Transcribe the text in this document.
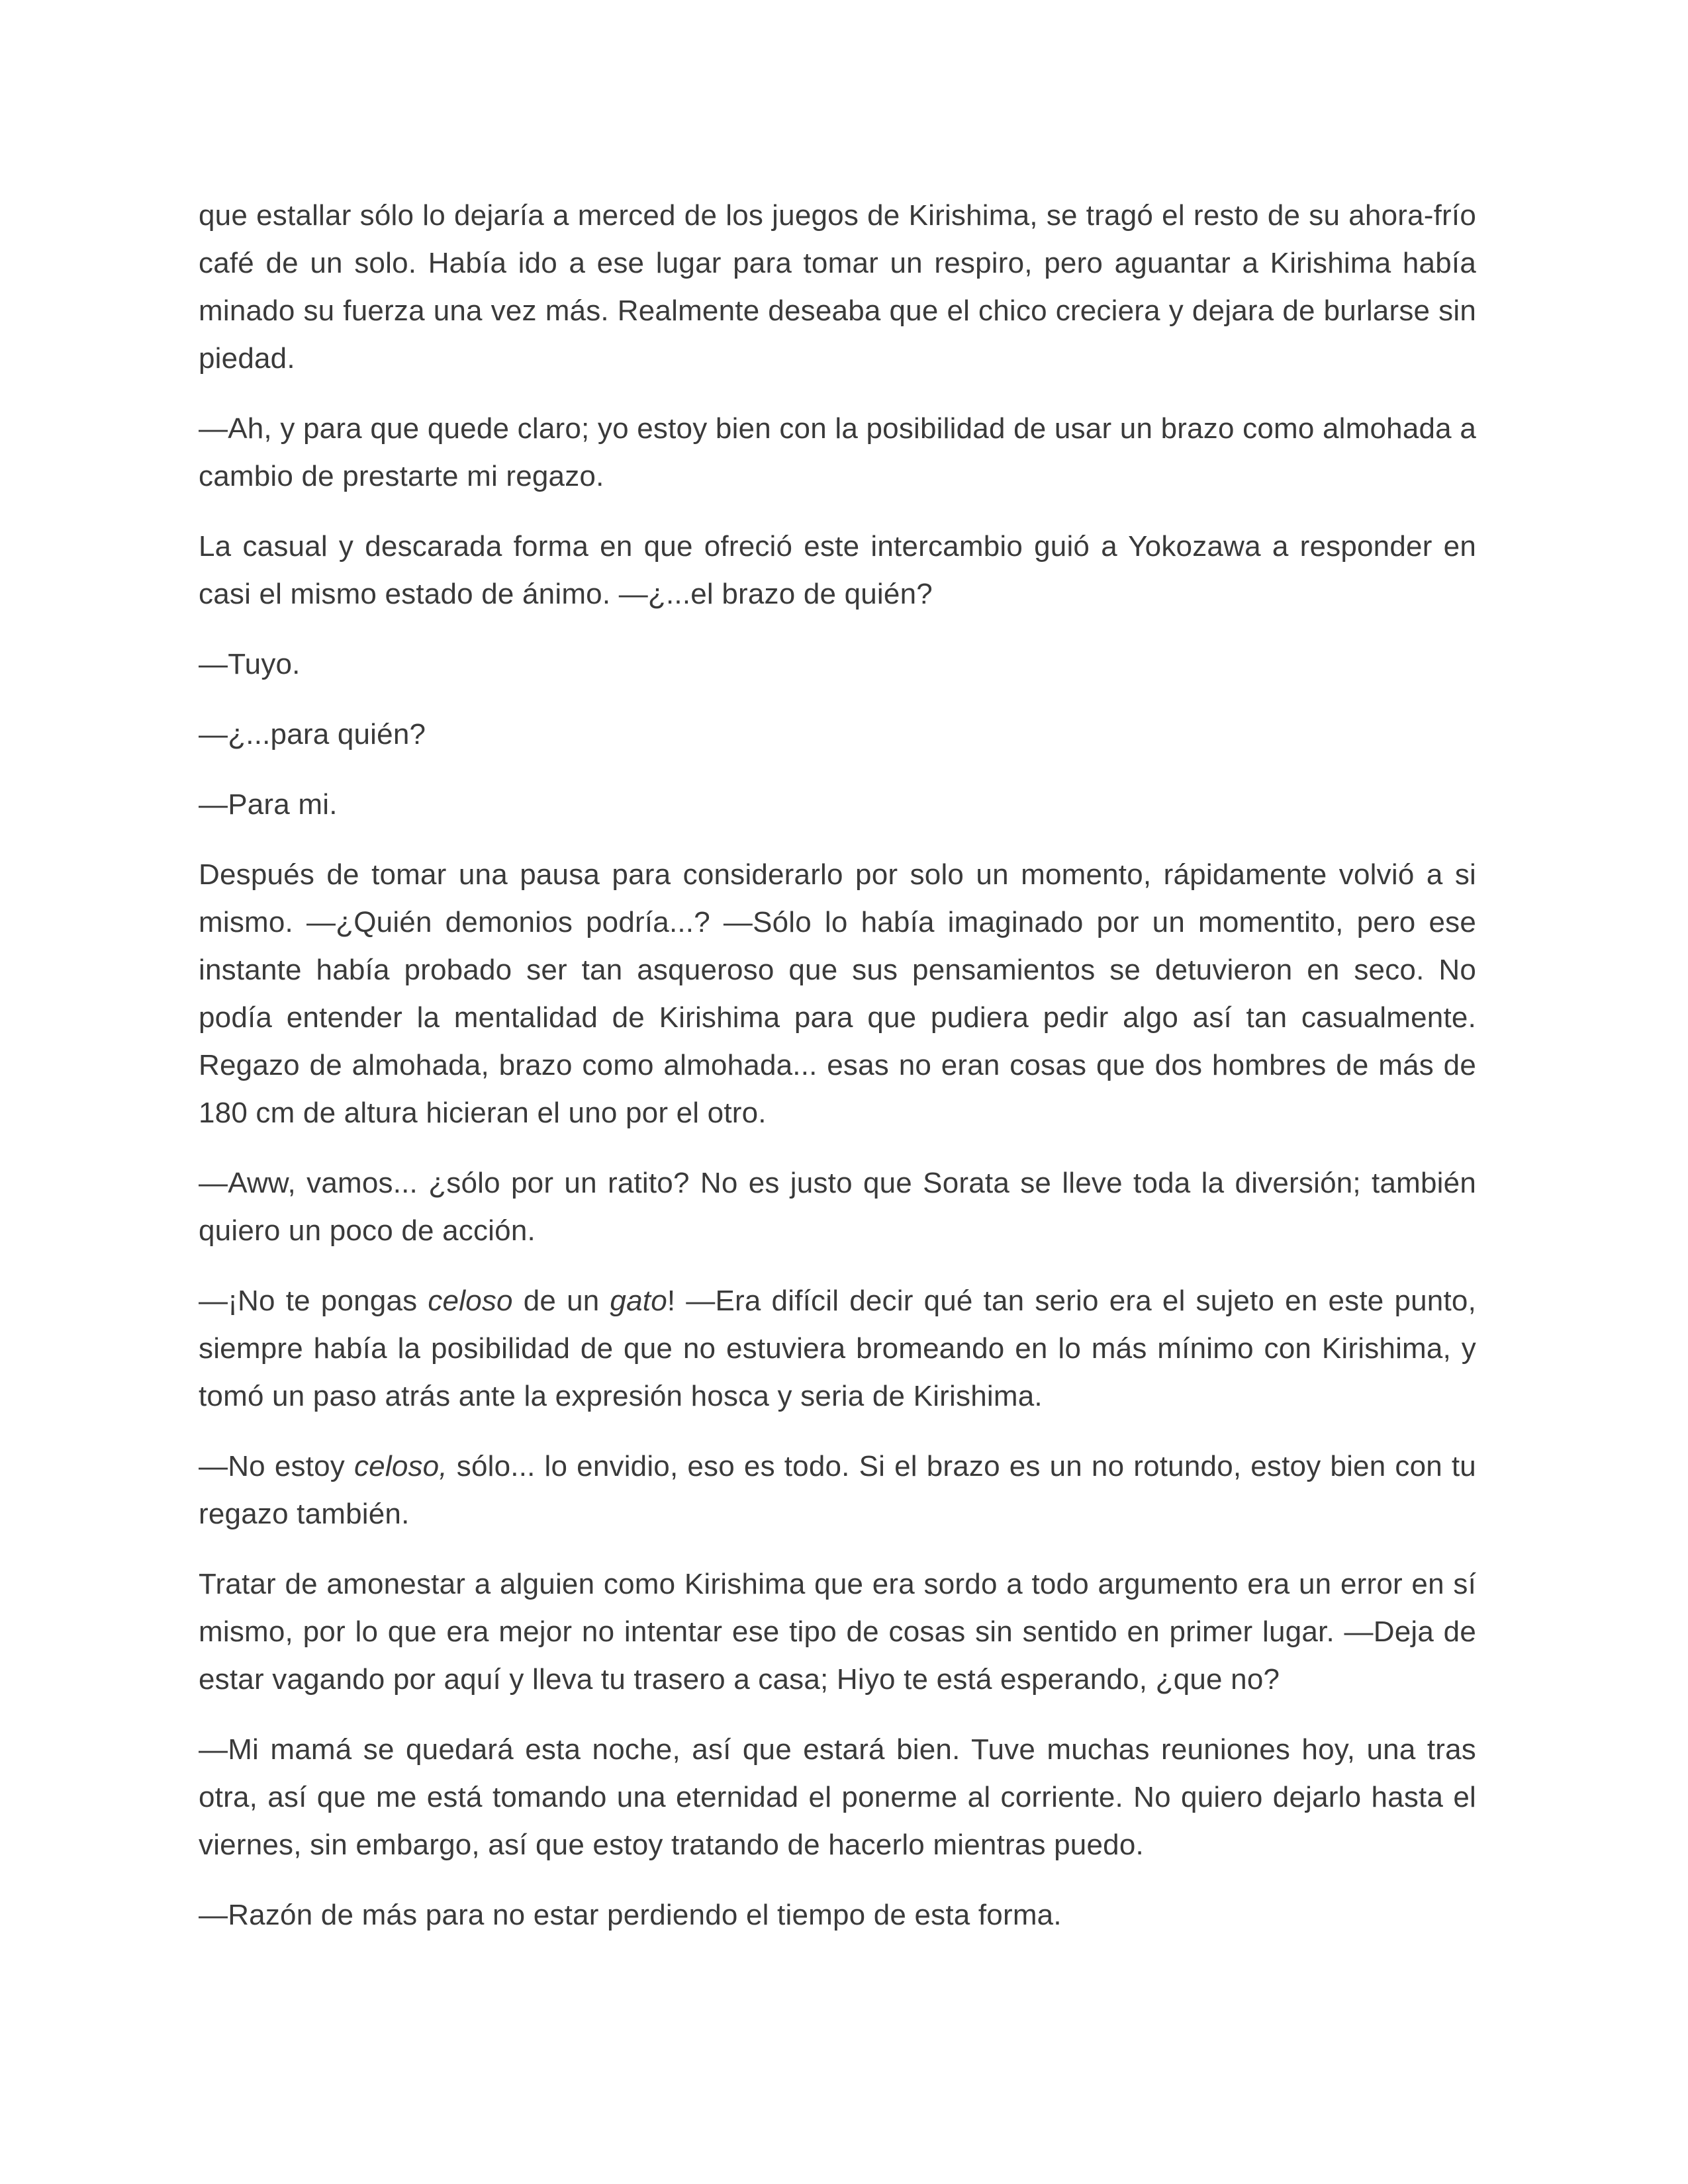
que estallar sólo lo dejaría a merced de los juegos de Kirishima, se tragó el resto de su ahora-frío café de un solo. Había ido a ese lugar para tomar un respiro, pero aguantar a Kirishima había minado su fuerza una vez más. Realmente deseaba que el chico creciera y dejara de burlarse sin piedad.

—Ah, y para que quede claro; yo estoy bien con la posibilidad de usar un brazo como almohada a cambio de prestarte mi regazo.

La casual y descarada forma en que ofreció este intercambio guió a Yokozawa a responder en casi el mismo estado de ánimo. —¿...el brazo de quién?

—Tuyo.

—¿...para quién?

—Para mi.

Después de tomar una pausa para considerarlo por solo un momento, rápidamente volvió a si mismo. —¿Quién demonios podría...? —Sólo lo había imaginado por un momentito, pero ese instante había probado ser tan asqueroso que sus pensamientos se detuvieron en seco. No podía entender la mentalidad de Kirishima para que pudiera pedir algo así tan casualmente. Regazo de almohada, brazo como almohada... esas no eran cosas que dos hombres de más de 180 cm de altura hicieran el uno por el otro.

—Aww, vamos... ¿sólo por un ratito? No es justo que Sorata se lleve toda la diversión; también quiero un poco de acción.

—¡No te pongas celoso de un gato! —Era difícil decir qué tan serio era el sujeto en este punto, siempre había la posibilidad de que no estuviera bromeando en lo más mínimo con Kirishima, y tomó un paso atrás ante la expresión hosca y seria de Kirishima.

—No estoy celoso, sólo... lo envidio, eso es todo. Si el brazo es un no rotundo, estoy bien con tu regazo también.

Tratar de amonestar a alguien como Kirishima que era sordo a todo argumento era un error en sí mismo, por lo que era mejor no intentar ese tipo de cosas sin sentido en primer lugar. —Deja de estar vagando por aquí y lleva tu trasero a casa; Hiyo te está esperando, ¿que no?

—Mi mamá se quedará esta noche, así que estará bien. Tuve muchas reuniones hoy, una tras otra, así que me está tomando una eternidad el ponerme al corriente. No quiero dejarlo hasta el viernes, sin embargo, así que estoy tratando de hacerlo mientras puedo.

—Razón de más para no estar perdiendo el tiempo de esta forma.
